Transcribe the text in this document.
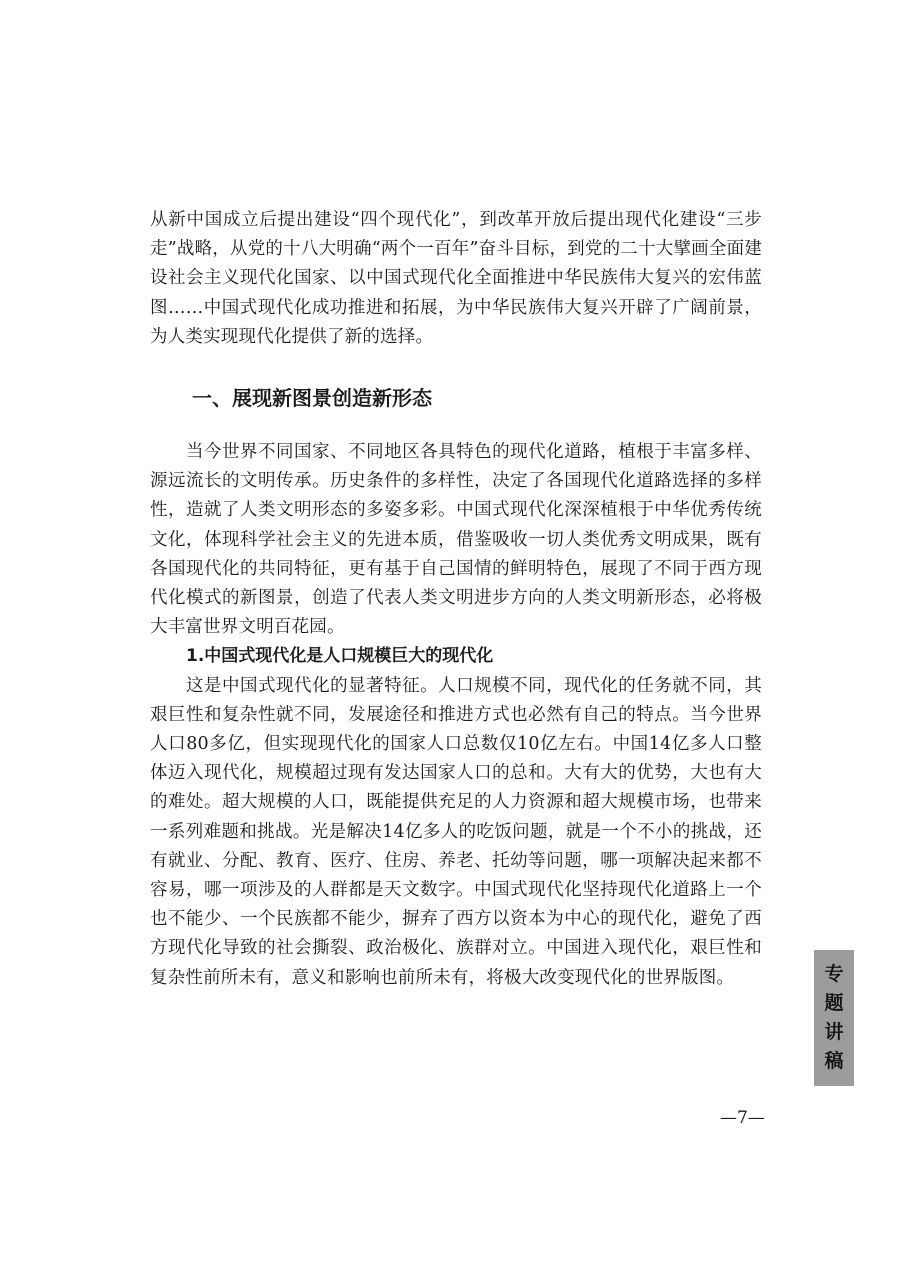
从新中国成立后提出建设“四个现代化”，到改革开放后提出现代化建设“三步走”战略，从党的十八大明确“两个一百年”奋斗目标，到党的二十大擘画全面建设社会主义现代化国家、以中国式现代化全面推进中华民族伟大复兴的宏伟蓝图……中国式现代化成功推进和拓展，为中华民族伟大复兴开辟了广阔前景，为人类实现现代化提供了新的选择。

一、展现新图景创造新形态

当今世界不同国家、不同地区各具特色的现代化道路，植根于丰富多样、源远流长的文明传承。历史条件的多样性，决定了各国现代化道路选择的多样性，造就了人类文明形态的多姿多彩。中国式现代化深深植根于中华优秀传统文化，体现科学社会主义的先进本质，借鉴吸收一切人类优秀文明成果，既有各国现代化的共同特征，更有基于自己国情的鲜明特色，展现了不同于西方现代化模式的新图景，创造了代表人类文明进步方向的人类文明新形态，必将极大丰富世界文明百花园。

1.中国式现代化是人口规模巨大的现代化

这是中国式现代化的显著特征。人口规模不同，现代化的任务就不同，其艰巨性和复杂性就不同，发展途径和推进方式也必然有自己的特点。当今世界人口80多亿，但实现现代化的国家人口总数仅10亿左右。中国14亿多人口整体迈入现代化，规模超过现有发达国家人口的总和。大有大的优势，大也有大的难处。超大规模的人口，既能提供充足的人力资源和超大规模市场，也带来一系列难题和挑战。光是解决14亿多人的吃饭问题，就是一个不小的挑战，还有就业、分配、教育、医疗、住房、养老、托幼等问题，哪一项解决起来都不容易，哪一项涉及的人群都是天文数字。中国式现代化坚持现代化道路上一个也不能少、一个民族都不能少，摒弃了西方以资本为中心的现代化，避免了西方现代化导致的社会撕裂、政治极化、族群对立。中国进入现代化，艰巨性和复杂性前所未有，意义和影响也前所未有，将极大改变现代化的世界版图。	专
题
讲
稿
—7—
